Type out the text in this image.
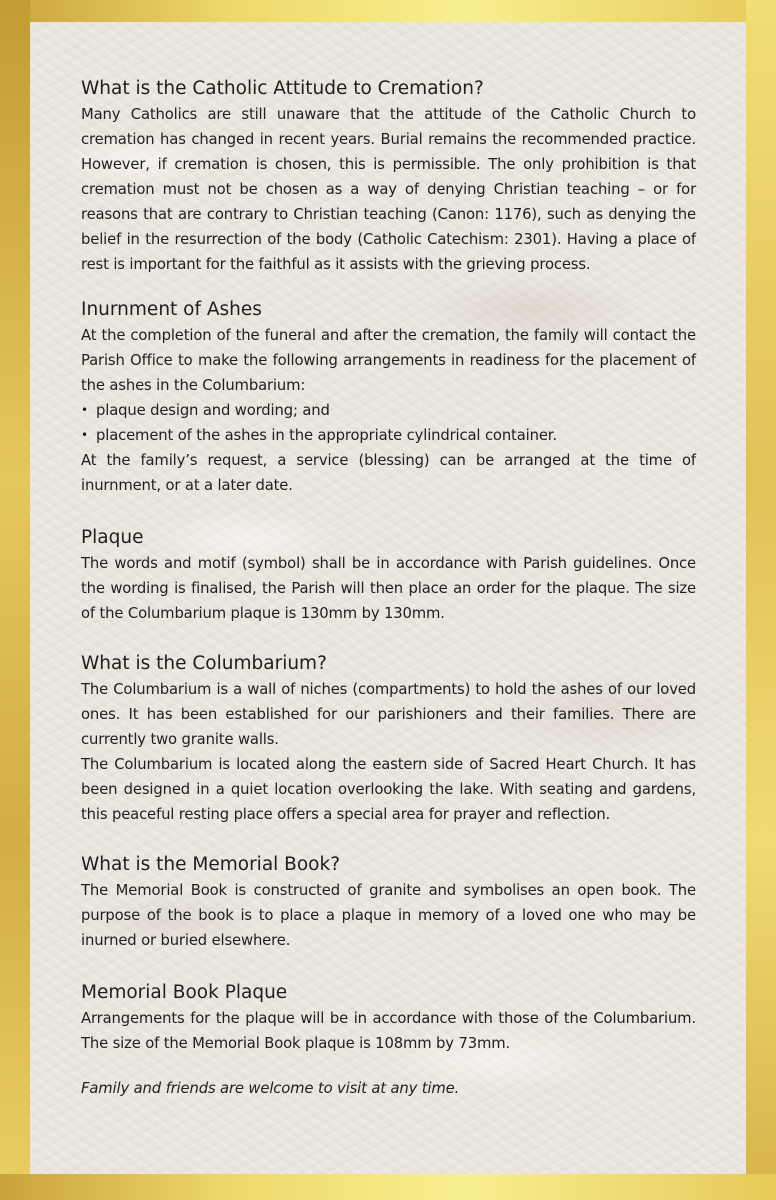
What is the Catholic Attitude to Cremation?

Many Catholics are still unaware that the attitude of the Catholic Church to cremation has changed in recent years. Burial remains the recommended practice. However, if cremation is chosen, this is permissible. The only prohibition is that cremation must not be chosen as a way of denying Christian teaching – or for reasons that are contrary to Christian teaching (Canon: 1176), such as denying the belief in the resurrection of the body (Catholic Catechism: 2301). Having a place of rest is important for the faithful as it assists with the grieving process.

Inurnment of Ashes

At the completion of the funeral and after the cremation, the family will contact the Parish Office to make the following arrangements in readiness for the placement of the ashes in the Columbarium:

• plaque design and wording; and
• placement of the ashes in the appropriate cylindrical container.

At the family’s request, a service (blessing) can be arranged at the time of inurnment, or at a later date.

Plaque

The words and motif (symbol) shall be in accordance with Parish guidelines. Once the wording is finalised, the Parish will then place an order for the plaque. The size of the Columbarium plaque is 130mm by 130mm.

What is the Columbarium?

The Columbarium is a wall of niches (compartments) to hold the ashes of our loved ones. It has been established for our parishioners and their families. There are currently two granite walls.

The Columbarium is located along the eastern side of Sacred Heart Church. It has been designed in a quiet location overlooking the lake. With seating and gardens, this peaceful resting place offers a special area for prayer and reflection.

What is the Memorial Book?

The Memorial Book is constructed of granite and symbolises an open book. The purpose of the book is to place a plaque in memory of a loved one who may be inurned or buried elsewhere.

Memorial Book Plaque

Arrangements for the plaque will be in accordance with those of the Columbarium. The size of the Memorial Book plaque is 108mm by 73mm.

Family and friends are welcome to visit at any time.
